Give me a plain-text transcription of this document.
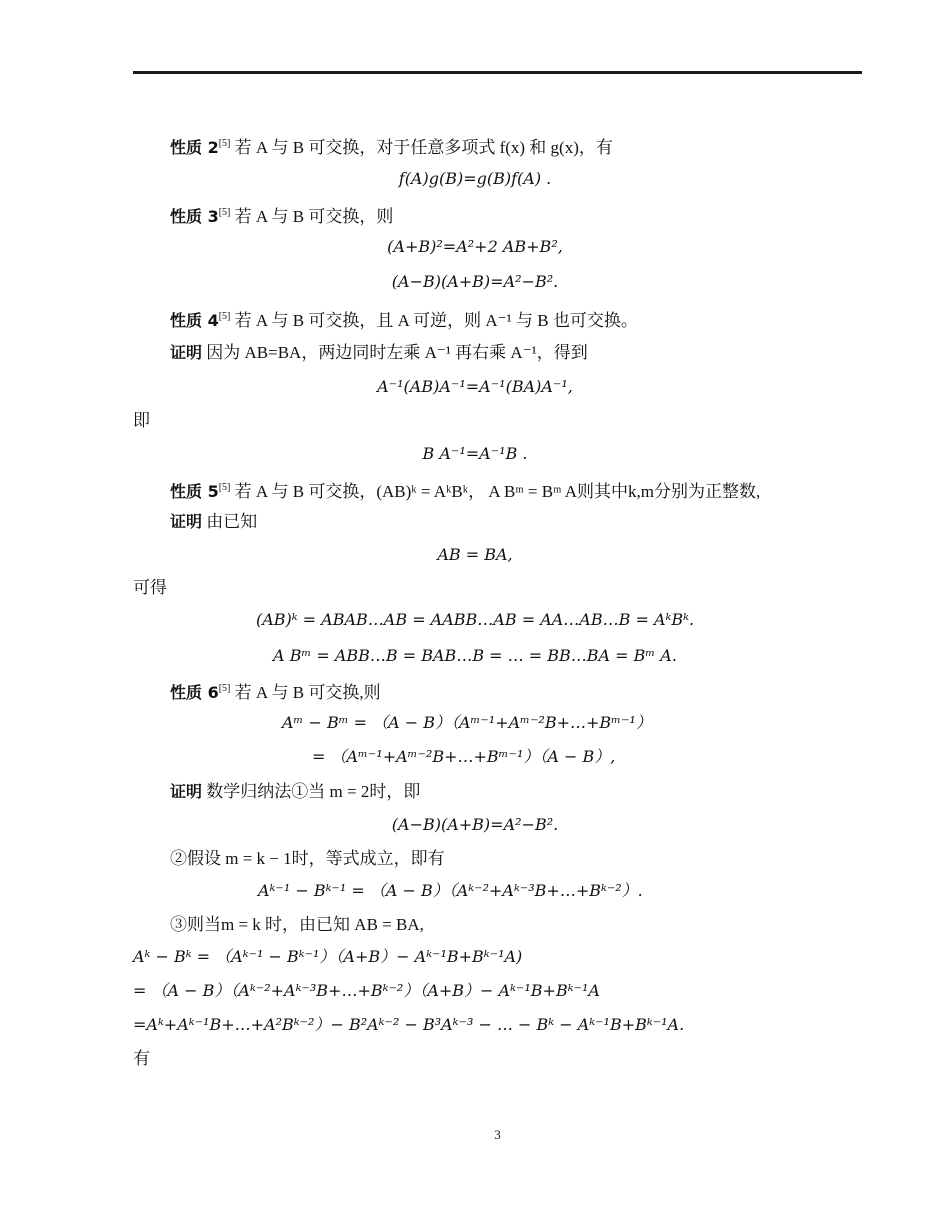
性质 2[5] 若 A 与 B 可交换，对于任意多项式 f(x) 和 g(x)，有
f(A)g(B)=g(B)f(A) .
性质 3[5] 若 A 与 B 可交换，则
(A+B)²=A²+2 AB+B²,
(A−B)(A+B)=A²−B².
性质 4[5] 若 A 与 B 可交换，且 A 可逆，则 A⁻¹ 与 B 也可交换。
证明 因为 AB=BA，两边同时左乘 A⁻¹ 再右乘 A⁻¹，得到
A⁻¹(AB)A⁻¹=A⁻¹(BA)A⁻¹,
即
B A⁻¹=A⁻¹B .
性质 5[5] 若 A 与 B 可交换，(AB)ᵏ = AᵏBᵏ， A Bᵐ = Bᵐ A则其中k,m分别为正整数,
证明 由已知
AB = BA,
可得
(AB)ᵏ = ABAB…AB = AABB…AB = AA…AB…B = AᵏBᵏ.
A Bᵐ = ABB…B = BAB…B = … = BB…BA = Bᵐ A.
性质 6[5] 若 A 与 B 可交换,则
Aᵐ − Bᵐ = （A − B）（Aᵐ⁻¹+Aᵐ⁻²B+…+Bᵐ⁻¹）
= （Aᵐ⁻¹+Aᵐ⁻²B+…+Bᵐ⁻¹）（A − B）,
证明 数学归纳法①当 m = 2时，即
(A−B)(A+B)=A²−B².
②假设 m = k − 1时，等式成立，即有
Aᵏ⁻¹ − Bᵏ⁻¹ = （A − B）（Aᵏ⁻²+Aᵏ⁻³B+…+Bᵏ⁻²）.
③则当m = k 时，由已知 AB = BA,
Aᵏ − Bᵏ = （Aᵏ⁻¹ − Bᵏ⁻¹）（A+B）− Aᵏ⁻¹B+Bᵏ⁻¹A)
= （A − B）（Aᵏ⁻²+Aᵏ⁻³B+…+Bᵏ⁻²）（A+B）− Aᵏ⁻¹B+Bᵏ⁻¹A
=Aᵏ+Aᵏ⁻¹B+…+A²Bᵏ⁻²）− B²Aᵏ⁻² − B³Aᵏ⁻³ − … − Bᵏ − Aᵏ⁻¹B+Bᵏ⁻¹A.
有
3
